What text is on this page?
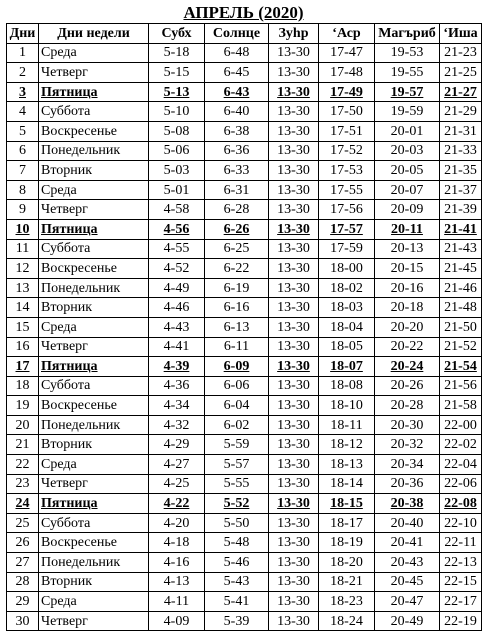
АПРЕЛЬ (2020)
Дни	Дни недели	Субх	Солнце	Зуhр	‘Аср	Магъриб	‘Иша
1	Среда	5-18	6-48	13-30	17-47	19-53	21-23
2	Четверг	5-15	6-45	13-30	17-48	19-55	21-25
3	Пятница	5-13	6-43	13-30	17-49	19-57	21-27
4	Суббота	5-10	6-40	13-30	17-50	19-59	21-29
5	Воскресенье	5-08	6-38	13-30	17-51	20-01	21-31
6	Понедельник	5-06	6-36	13-30	17-52	20-03	21-33
7	Вторник	5-03	6-33	13-30	17-53	20-05	21-35
8	Среда	5-01	6-31	13-30	17-55	20-07	21-37
9	Четверг	4-58	6-28	13-30	17-56	20-09	21-39
10	Пятница	4-56	6-26	13-30	17-57	20-11	21-41
11	Суббота	4-55	6-25	13-30	17-59	20-13	21-43
12	Воскресенье	4-52	6-22	13-30	18-00	20-15	21-45
13	Понедельник	4-49	6-19	13-30	18-02	20-16	21-46
14	Вторник	4-46	6-16	13-30	18-03	20-18	21-48
15	Среда	4-43	6-13	13-30	18-04	20-20	21-50
16	Четверг	4-41	6-11	13-30	18-05	20-22	21-52
17	Пятница	4-39	6-09	13-30	18-07	20-24	21-54
18	Суббота	4-36	6-06	13-30	18-08	20-26	21-56
19	Воскресенье	4-34	6-04	13-30	18-10	20-28	21-58
20	Понедельник	4-32	6-02	13-30	18-11	20-30	22-00
21	Вторник	4-29	5-59	13-30	18-12	20-32	22-02
22	Среда	4-27	5-57	13-30	18-13	20-34	22-04
23	Четверг	4-25	5-55	13-30	18-14	20-36	22-06
24	Пятница	4-22	5-52	13-30	18-15	20-38	22-08
25	Суббота	4-20	5-50	13-30	18-17	20-40	22-10
26	Воскресенье	4-18	5-48	13-30	18-19	20-41	22-11
27	Понедельник	4-16	5-46	13-30	18-20	20-43	22-13
28	Вторник	4-13	5-43	13-30	18-21	20-45	22-15
29	Среда	4-11	5-41	13-30	18-23	20-47	22-17
30	Четверг	4-09	5-39	13-30	18-24	20-49	22-19
